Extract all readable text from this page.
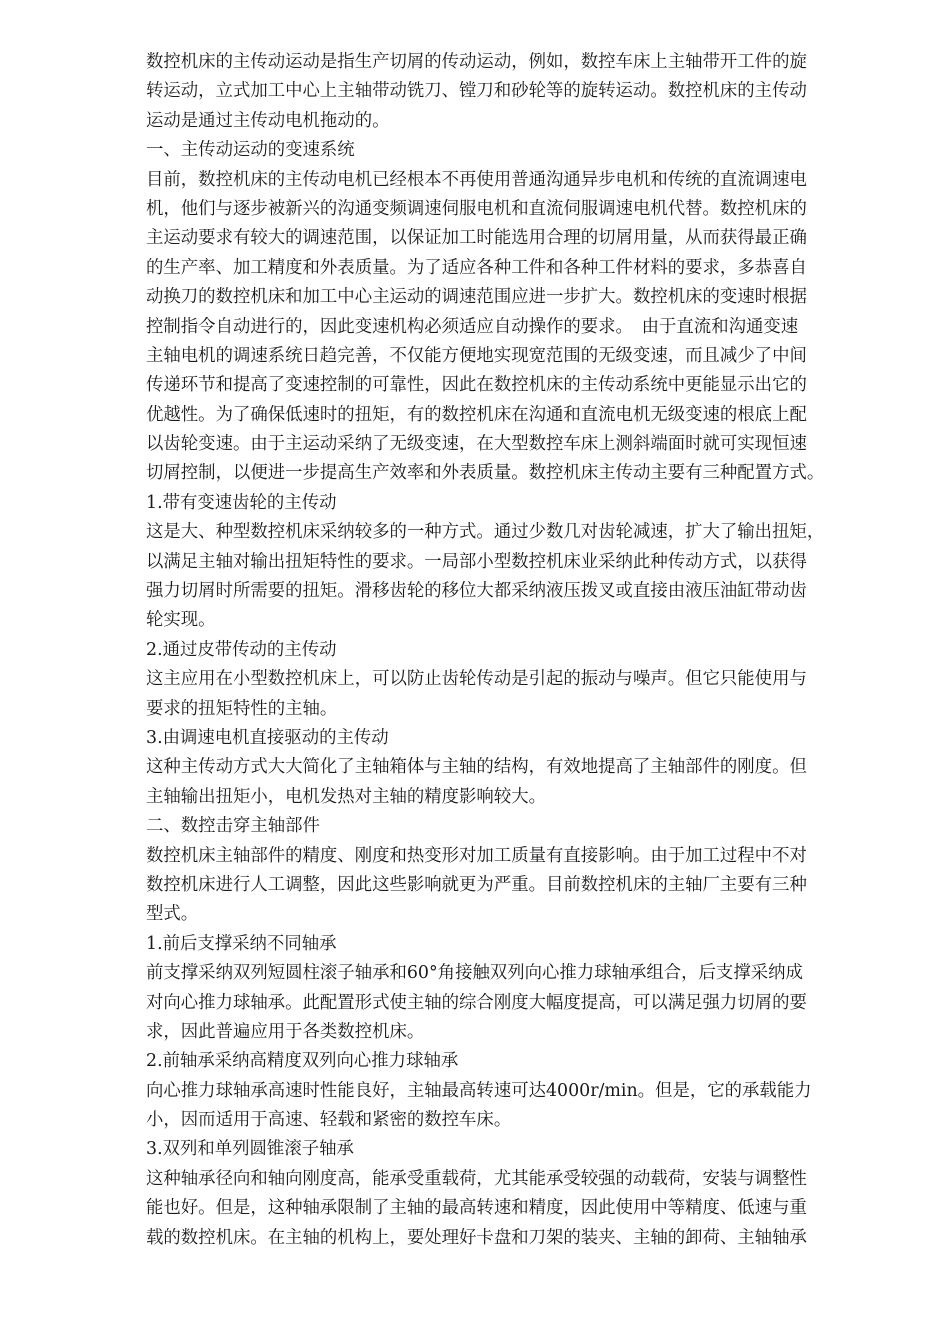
数控机床的主传动运动是指生产切屑的传动运动，例如，数控车床上主轴带开工件的旋
转运动，立式加工中心上主轴带动铣刀、镗刀和砂轮等的旋转运动。数控机床的主传动
运动是通过主传动电机拖动的。
一、主传动运动的变速系统
目前，数控机床的主传动电机已经根本不再使用普通沟通异步电机和传统的直流调速电
机，他们与逐步被新兴的沟通变频调速伺服电机和直流伺服调速电机代替。数控机床的
主运动要求有较大的调速范围，以保证加工时能选用合理的切屑用量，从而获得最正确
的生产率、加工精度和外表质量。为了适应各种工件和各种工件材料的要求，多恭喜自
动换刀的数控机床和加工中心主运动的调速范围应进一步扩大。数控机床的变速时根据
控制指令自动进行的，因此变速机构必须适应自动操作的要求。　由于直流和沟通变速
主轴电机的调速系统日趋完善，不仅能方便地实现宽范围的无级变速，而且减少了中间
传递环节和提高了变速控制的可靠性，因此在数控机床的主传动系统中更能显示出它的
优越性。为了确保低速时的扭矩，有的数控机床在沟通和直流电机无级变速的根底上配
以齿轮变速。由于主运动采纳了无级变速，在大型数控车床上测斜端面时就可实现恒速
切屑控制，以便进一步提高生产效率和外表质量。数控机床主传动主要有三种配置方式。
1.带有变速齿轮的主传动
这是大、种型数控机床采纳较多的一种方式。通过少数几对齿轮减速，扩大了输出扭矩，
以满足主轴对输出扭矩特性的要求。一局部小型数控机床业采纳此种传动方式，以获得
强力切屑时所需要的扭矩。滑移齿轮的移位大都采纳液压拨叉或直接由液压油缸带动齿
轮实现。
2.通过皮带传动的主传动
这主应用在小型数控机床上，可以防止齿轮传动是引起的振动与噪声。但它只能使用与
要求的扭矩特性的主轴。
3.由调速电机直接驱动的主传动
这种主传动方式大大简化了主轴箱体与主轴的结构，有效地提高了主轴部件的刚度。但
主轴输出扭矩小，电机发热对主轴的精度影响较大。
二、数控击穿主轴部件
数控机床主轴部件的精度、刚度和热变形对加工质量有直接影响。由于加工过程中不对
数控机床进行人工调整，因此这些影响就更为严重。目前数控机床的主轴厂主要有三种
型式。
1.前后支撑采纳不同轴承
前支撑采纳双列短圆柱滚子轴承和60°角接触双列向心推力球轴承组合，后支撑采纳成
对向心推力球轴承。此配置形式使主轴的综合刚度大幅度提高，可以满足强力切屑的要
求，因此普遍应用于各类数控机床。
2.前轴承采纳高精度双列向心推力球轴承
向心推力球轴承高速时性能良好，主轴最高转速可达4000r/min。但是，它的承载能力
小，因而适用于高速、轻载和紧密的数控车床。
3.双列和单列圆锥滚子轴承
这种轴承径向和轴向刚度高，能承受重载荷，尤其能承受较强的动载荷，安装与调整性
能也好。但是，这种轴承限制了主轴的最高转速和精度，因此使用中等精度、低速与重
载的数控机床。在主轴的机构上，要处理好卡盘和刀架的装夹、主轴的卸荷、主轴轴承
